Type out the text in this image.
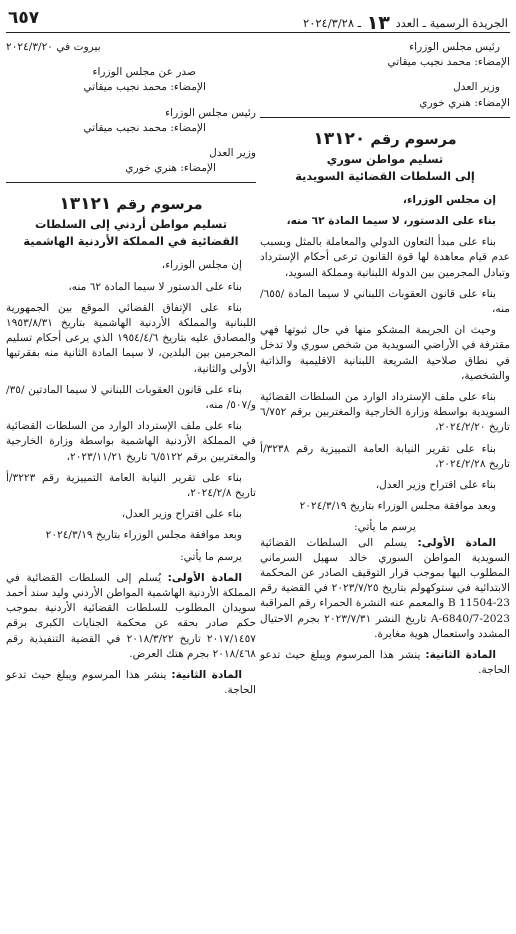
الجريدة الرسمية ـ العدد ١٣ ـ ٢٠٢٤/٣/٢٨
٦٥٧

رئيس مجلس الوزراء

الإمضاء: محمد نجيب ميقاتي

وزير العدل

الإمضاء: هنري خوري

مرسوم رقم ١٣١٢٠

تسليم مواطن سوري

إلى السلطات القضائية السويدية

إن مجلس الوزراء،

بناء على الدستور، لا سيما المادة ٦٢ منه،

بناء على مبدأ التعاون الدولي والمعاملة بالمثل وبسبب عدم قيام معاهدة لها قوة القانون ترعى أحكام الإسترداد وتبادل المجرمين بين الدولة اللبنانية ومملكة السويد،

بناء على قانون العقوبات اللبناني لا سيما المادة /٦٥٥/ منه،

وحيث ان الجريمة المشكو منها في حال ثبوتها فهي مقترفة في الأراضي السويدية من شخص سوري ولا تدخل في نطاق صلاحية الشريعة اللبنانية الاقليمية والذاتية والشخصية،

بناء على ملف الإسترداد الوارد من السلطات القضائية السويدية بواسطة وزارة الخارجية والمغتربين برقم ٦/٧٥٢ تاريخ ٢٠٢٤/٢/٢٠،

بناء على تقرير النيابة العامة التمييزية رقم ٣٢٣٨/أ تاريخ ٢٠٢٤/٢/٢٨،

بناء على اقتراح وزير العدل،

وبعد موافقة مجلس الوزراء بتاريخ ٢٠٢٤/٣/١٩

يرسم ما يأتي:

المادة الأولى: يسلم الى السلطات القضائية السويدية المواطن السوري خالد سهيل السرماني المطلوب اليها بموجب قرار التوقيف الصادر عن المحكمة الابتدائية في ستوكهولم بتاريخ ٢٠٢٣/٧/٢٥ في القضية رقم 23-11504 B والمعمم عنه النشرة الحمراء رقم المراقبة 2023-6840/7-A تاريخ النشر ٢٠٢٣/٧/٣١ بجرم الاحتيال المشدد واستعمال هوية مغايرة.

المادة الثانية: ينشر هذا المرسوم ويبلغ حيث تدعو الحاجة.

بيروت في ٢٠٢٤/٣/٢٠

صدر عن مجلس الوزراء

الإمضاء: محمد نجيب ميقاتي

رئيس مجلس الوزراء

الإمضاء: محمد نجيب ميقاتي

وزير العدل

الإمضاء: هنري خوري

مرسوم رقم ١٣١٢١

تسليم مواطن أردني إلى السلطات

القضائية في المملكة الأردنية الهاشمية

إن مجلس الوزراء،

بناء على الدستور لا سيما المادة ٦٢ منه،

بناء على الإتفاق القضائي الموقع بين الجمهورية اللبنانية والمملكة الأردنية الهاشمية بتاريخ ١٩٥٣/٨/٣١ والمصادق عليه بتاريخ ١٩٥٤/٤/٦ الذي يرعى أحكام تسليم المجرمين بين البلدين، لا سيما المادة الثانية منه بفقرتيها الأولى والثانية،

بناء على قانون العقوبات اللبناني لا سيما المادتين /٣٥/ و/٥٠٧/ منه،

بناء على ملف الإسترداد الوارد من السلطات القضائية في المملكة الأردنية الهاشمية بواسطة وزارة الخارجية والمغتربين برقم ٦/٥١٢٢ تاريخ ٢٠٢٣/١١/٢١،

بناء على تقرير النيابة العامة التمييزية رقم ٣٢٢٣/أ تاريخ ٢٠٢٤/٢/٨،

بناء على اقتراح وزير العدل،

وبعد موافقة مجلس الوزراء بتاريخ ٢٠٢٤/٣/١٩

يرسم ما يأتي:

المادة الأولى: يُسلم إلى السلطات القضائية في المملكة الأردنية الهاشمية المواطن الأردني وليد سند أحمد سويدان المطلوب للسلطات القضائية الأردنية بموجب حكم صادر بحقه عن محكمة الجنايات الكبرى برقم ٢٠١٧/١٤٥٧ تاريخ ٢٠١٨/٣/٢٢ في القضية التنفيذية رقم ٢٠١٨/٤٦٨ بجرم هتك العرض.

المادة الثانية: ينشر هذا المرسوم ويبلغ حيث تدعو الحاجة.
